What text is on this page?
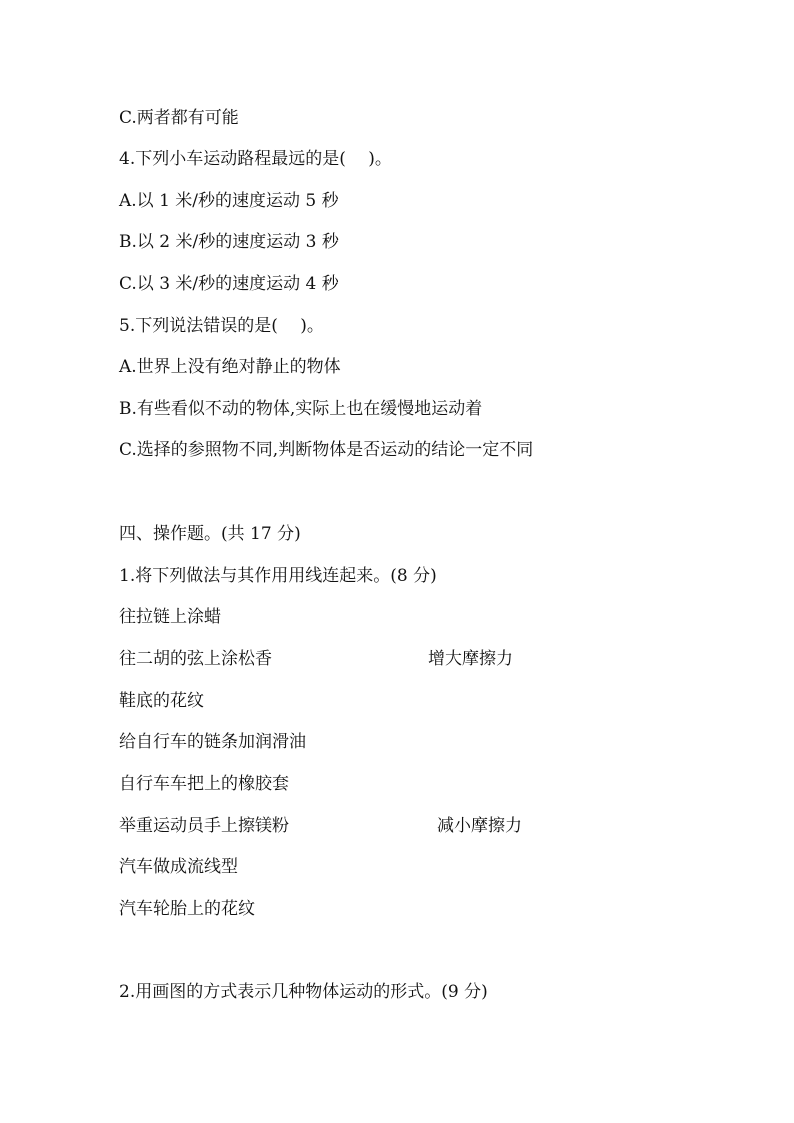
C.两者都有可能
4.下列小车运动路程最远的是(　 )。
A.以 1 米/秒的速度运动 5 秒
B.以 2 米/秒的速度运动 3 秒
C.以 3 米/秒的速度运动 4 秒
5.下列说法错误的是(　 )。
A.世界上没有绝对静止的物体
B.有些看似不动的物体,实际上也在缓慢地运动着
C.选择的参照物不同,判断物体是否运动的结论一定不同
四、操作题。(共 17 分)
1.将下列做法与其作用用线连起来。(8 分)
往拉链上涂蜡
往二胡的弦上涂松香	增大摩擦力
鞋底的花纹
给自行车的链条加润滑油
自行车车把上的橡胶套
举重运动员手上擦镁粉	减小摩擦力
汽车做成流线型
汽车轮胎上的花纹
2.用画图的方式表示几种物体运动的形式。(9 分)
